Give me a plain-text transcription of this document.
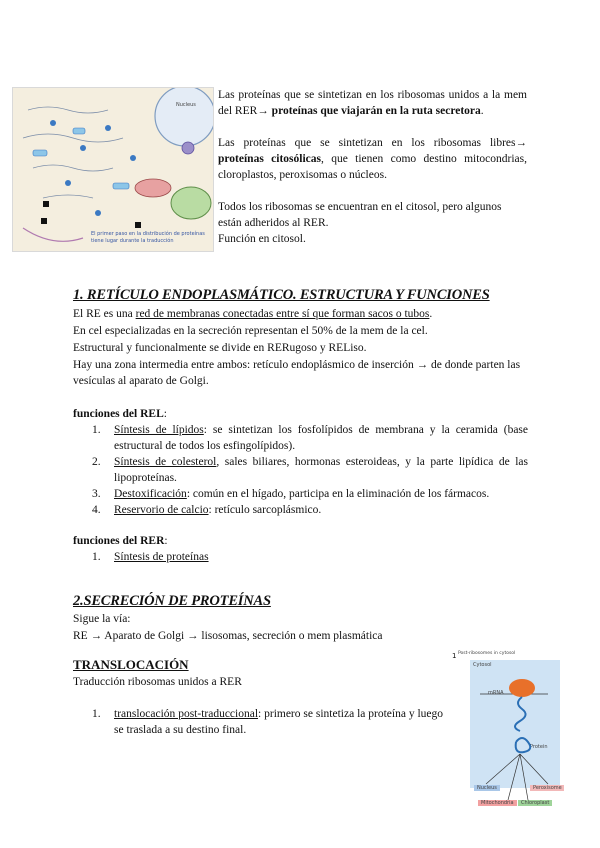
Nucleus
El primer paso en la distribución de proteínas
tiene lugar durante la traducción

Las proteínas que se sintetizan en los ribosomas unidos a la mem del RER→ proteínas que viajarán en la ruta secretora.

Las proteínas que se sintetizan en los ribosomas libres→ proteínas citosólicas, que tienen como destino mitocondrias, cloroplastos, peroxisomas o núcleos.

Todos los ribosomas se encuentran en el citosol, pero algunos están adheridos al RER.
Función en citosol.

1. RETÍCULO ENDOPLASMÁTICO. ESTRUCTURA Y FUNCIONES

El RE es una red de membranas conectadas entre sí que forman sacos o tubos.

En cel especializadas en la secreción representan el 50% de la mem de la cel.

Estructural y funcionalmente se divide en RERugoso y RELiso.

Hay una zona intermedia entre ambos: retículo endoplásmico de inserción → de donde parten las vesículas al aparato de Golgi.

funciones del REL:

1. Síntesis de lípidos: se sintetizan los fosfolípidos de membrana y la ceramida (base estructural de todos los esfingolípidos).
2. Síntesis de colesterol, sales biliares, hormonas esteroideas, y la parte lipídica de las lipoproteínas.
3. Destoxificación: común en el hígado, participa en la eliminación de los fármacos.
4. Reservorio de calcio: retículo sarcoplásmico.

funciones del RER:

1. Síntesis de proteínas

2.SECRECIÓN DE PROTEÍNAS

Sigue la vía:

RE → Aparato de Golgi → lisosomas, secreción o mem plasmática

TRANSLOCACIÓN

Traducción ribosomas unidos a RER

1. translocación post-traduccional: primero se sintetiza la proteína y luego se traslada a su destino final.
1 Post-ribosomes in cytosol
Cytosol
mRNA
Protein
Nucleus	Peroxisome
Mitochondria	Chloroplast
